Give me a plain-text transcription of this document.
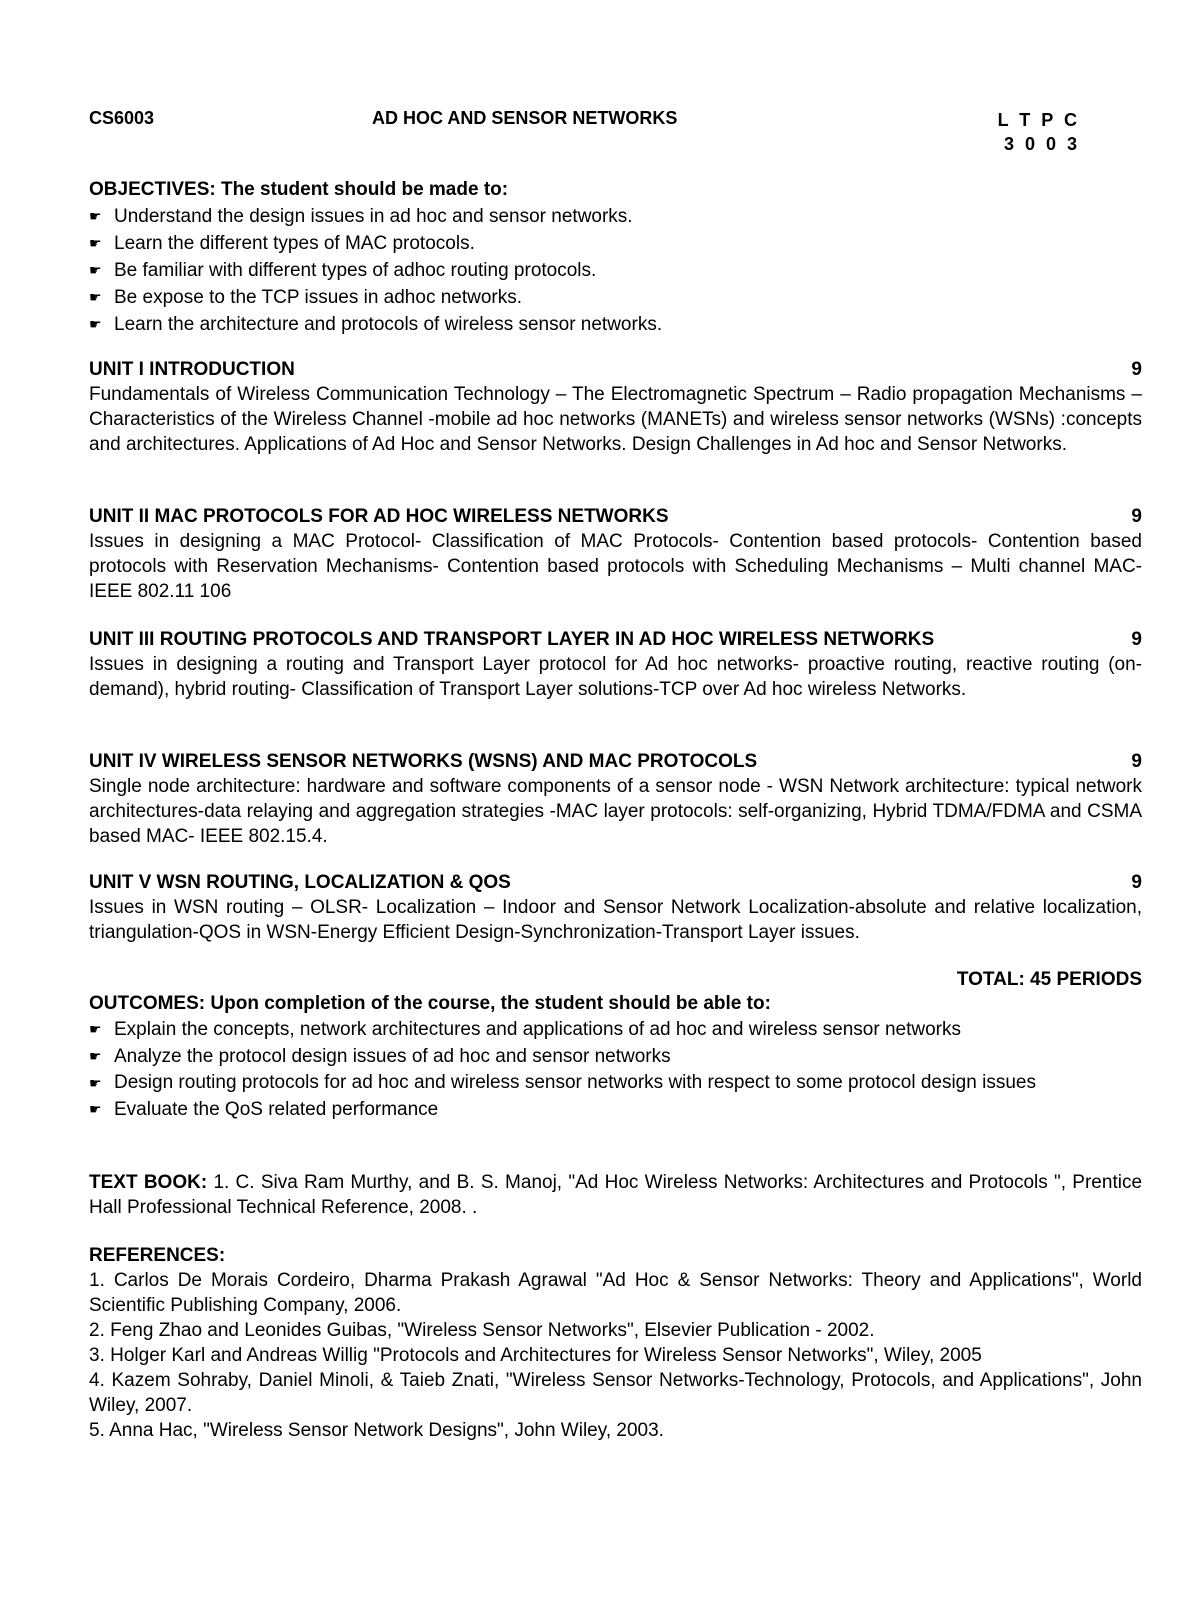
CS6003	AD HOC AND SENSOR NETWORKS	L T P C
3 0 0 3
OBJECTIVES: The student should be made to:
☛ Understand the design issues in ad hoc and sensor networks.
☛ Learn the different types of MAC protocols.
☛ Be familiar with different types of adhoc routing protocols.
☛ Be expose to the TCP issues in adhoc networks.
☛ Learn the architecture and protocols of wireless sensor networks.
UNIT I INTRODUCTION	9

Fundamentals of Wireless Communication Technology – The Electromagnetic Spectrum – Radio propagation Mechanisms – Characteristics of the Wireless Channel -mobile ad hoc networks (MANETs) and wireless sensor networks (WSNs) :concepts and architectures. Applications of Ad Hoc and Sensor Networks. Design Challenges in Ad hoc and Sensor Networks.

UNIT II MAC PROTOCOLS FOR AD HOC WIRELESS NETWORKS	9

Issues in designing a MAC Protocol- Classification of MAC Protocols- Contention based protocols- Contention based protocols with Reservation Mechanisms- Contention based protocols with Scheduling Mechanisms – Multi channel MAC-IEEE 802.11 106

UNIT III ROUTING PROTOCOLS AND TRANSPORT LAYER IN AD HOC WIRELESS NETWORKS	9

Issues in designing a routing and Transport Layer protocol for Ad hoc networks- proactive routing, reactive routing (on-demand), hybrid routing- Classification of Transport Layer solutions-TCP over Ad hoc wireless Networks.

UNIT IV WIRELESS SENSOR NETWORKS (WSNS) AND MAC PROTOCOLS	9

Single node architecture: hardware and software components of a sensor node - WSN Network architecture: typical network architectures-data relaying and aggregation strategies -MAC layer protocols: self-organizing, Hybrid TDMA/FDMA and CSMA based MAC- IEEE 802.15.4.

UNIT V WSN ROUTING, LOCALIZATION & QOS	9

Issues in WSN routing – OLSR- Localization – Indoor and Sensor Network Localization-absolute and relative localization, triangulation-QOS in WSN-Energy Efficient Design-Synchronization-Transport Layer issues.

TOTAL: 45 PERIODS
OUTCOMES: Upon completion of the course, the student should be able to:
☛ Explain the concepts, network architectures and applications of ad hoc and wireless sensor networks
☛ Analyze the protocol design issues of ad hoc and sensor networks
☛ Design routing protocols for ad hoc and wireless sensor networks with respect to some protocol design issues
☛ Evaluate the QoS related performance
TEXT BOOK: 1. C. Siva Ram Murthy, and B. S. Manoj, "Ad Hoc Wireless Networks: Architectures and Protocols ", Prentice Hall Professional Technical Reference, 2008. .
REFERENCES:

1. Carlos De Morais Cordeiro, Dharma Prakash Agrawal "Ad Hoc & Sensor Networks: Theory and Applications", World Scientific Publishing Company, 2006.

2. Feng Zhao and Leonides Guibas, "Wireless Sensor Networks", Elsevier Publication - 2002.

3. Holger Karl and Andreas Willig "Protocols and Architectures for Wireless Sensor Networks", Wiley, 2005

4. Kazem Sohraby, Daniel Minoli, & Taieb Znati, "Wireless Sensor Networks-Technology, Protocols, and Applications", John Wiley, 2007.

5. Anna Hac, "Wireless Sensor Network Designs", John Wiley, 2003.
